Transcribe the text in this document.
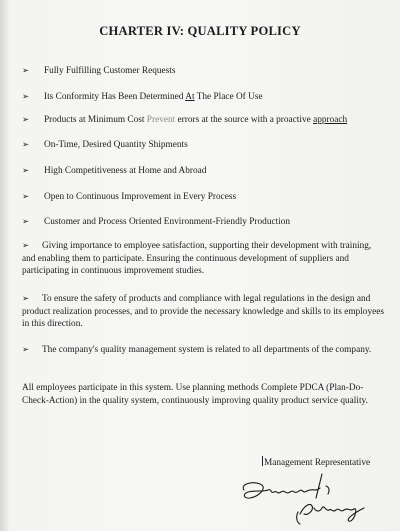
CHARTER IV: QUALITY POLICY
➢ Fully Fulfilling Customer Requests
➢ Its Conformity Has Been Determined At The Place Of Use
➢ Products at Minimum Cost Prevent errors at the source with a proactive approach
➢ On-Time, Desired Quantity Shipments
➢ High Competitiveness at Home and Abroad
➢ Open to Continuous Improvement in Every Process
➢ Customer and Process Oriented Environment-Friendly Production
➢ Giving importance to employee satisfaction, supporting their development with training, and enabling them to participate. Ensuring the continuous development of suppliers and participating in continuous improvement studies.
➢ To ensure the safety of products and compliance with legal regulations in the design and product realization processes, and to provide the necessary knowledge and skills to its employees in this direction.
➢ The company's quality management system is related to all departments of the company.
All employees participate in this system. Use planning methods Complete PDCA (Plan-Do-Check-Action) in the quality system, continuously improving quality product service quality.
Management Representative
